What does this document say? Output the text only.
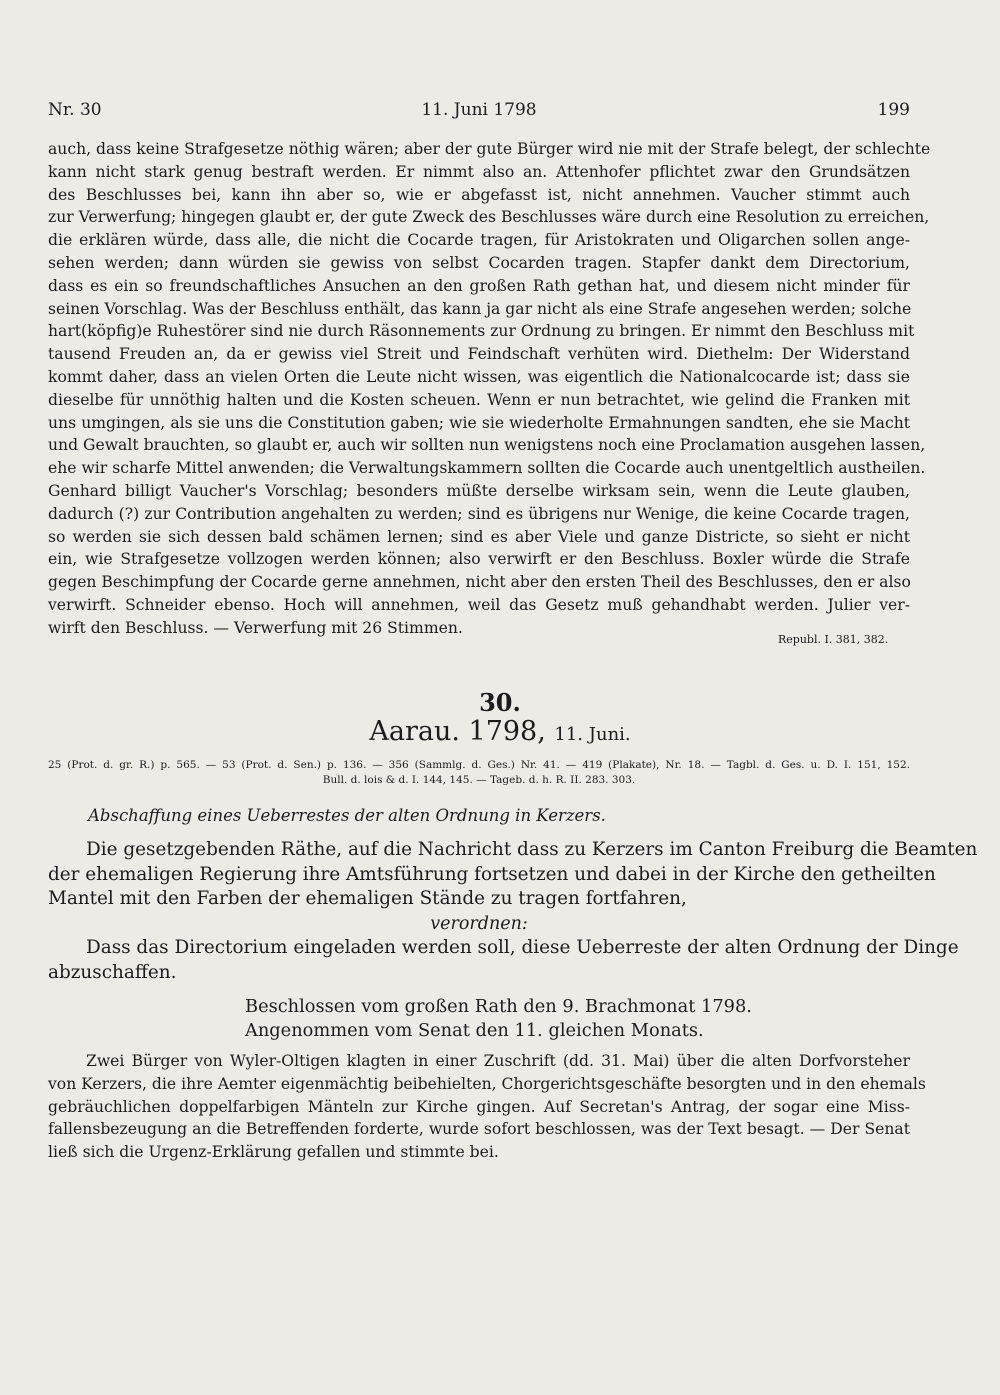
Nr. 30	11. Juni 1798	199
auch, dass keine Strafgesetze nöthig wären; aber der gute Bürger wird nie mit der Strafe belegt, der schlechte
kann nicht stark genug bestraft werden. Er nimmt also an. Attenhofer pflichtet zwar den Grundsätzen
des Beschlusses bei, kann ihn aber so, wie er abgefasst ist, nicht annehmen. Vaucher stimmt auch
zur Verwerfung; hingegen glaubt er, der gute Zweck des Beschlusses wäre durch eine Resolution zu erreichen,
die erklären würde, dass alle, die nicht die Cocarde tragen, für Aristokraten und Oligarchen sollen ange-
sehen werden; dann würden sie gewiss von selbst Cocarden tragen. Stapfer dankt dem Directorium,
dass es ein so freundschaftliches Ansuchen an den großen Rath gethan hat, und diesem nicht minder für
seinen Vorschlag. Was der Beschluss enthält, das kann ja gar nicht als eine Strafe angesehen werden; solche
hart(köpfig)e Ruhestörer sind nie durch Räsonnements zur Ordnung zu bringen. Er nimmt den Beschluss mit
tausend Freuden an, da er gewiss viel Streit und Feindschaft verhüten wird. Diethelm: Der Widerstand
kommt daher, dass an vielen Orten die Leute nicht wissen, was eigentlich die Nationalcocarde ist; dass sie
dieselbe für unnöthig halten und die Kosten scheuen. Wenn er nun betrachtet, wie gelind die Franken mit
uns umgingen, als sie uns die Constitution gaben; wie sie wiederholte Ermahnungen sandten, ehe sie Macht
und Gewalt brauchten, so glaubt er, auch wir sollten nun wenigstens noch eine Proclamation ausgehen lassen,
ehe wir scharfe Mittel anwenden; die Verwaltungskammern sollten die Cocarde auch unentgeltlich austheilen.
Genhard billigt Vaucher's Vorschlag; besonders müßte derselbe wirksam sein, wenn die Leute glauben,
dadurch (?) zur Contribution angehalten zu werden; sind es übrigens nur Wenige, die keine Cocarde tragen,
so werden sie sich dessen bald schämen lernen; sind es aber Viele und ganze Districte, so sieht er nicht
ein, wie Strafgesetze vollzogen werden können; also verwirft er den Beschluss. Boxler würde die Strafe
gegen Beschimpfung der Cocarde gerne annehmen, nicht aber den ersten Theil des Beschlusses, den er also
verwirft. Schneider ebenso. Hoch will annehmen, weil das Gesetz muß gehandhabt werden. Julier ver-
wirft den Beschluss. — Verwerfung mit 26 Stimmen.
Republ. I. 381, 382.
30.
Aarau. 1798, 11. Juni.
25 (Prot. d. gr. R.) p. 565. — 53 (Prot. d. Sen.) p. 136. — 356 (Sammlg. d. Ges.) Nr. 41. — 419 (Plakate), Nr. 18. — Tagbl. d. Ges. u. D. I. 151, 152.
Bull. d. lois & d. I. 144, 145. — Tageb. d. h. R. II. 283. 303.
Abschaffung eines Ueberrestes der alten Ordnung in Kerzers.
Die gesetzgebenden Räthe, auf die Nachricht dass zu Kerzers im Canton Freiburg die Beamten
der ehemaligen Regierung ihre Amtsführung fortsetzen und dabei in der Kirche den getheilten
Mantel mit den Farben der ehemaligen Stände zu tragen fortfahren,
verordnen:
Dass das Directorium eingeladen werden soll, diese Ueberreste der alten Ordnung der Dinge
abzuschaffen.
Beschlossen vom großen Rath den 9. Brachmonat 1798.
Angenommen vom Senat den 11. gleichen Monats.
Zwei Bürger von Wyler-Oltigen klagten in einer Zuschrift (dd. 31. Mai) über die alten Dorfvorsteher
von Kerzers, die ihre Aemter eigenmächtig beibehielten, Chorgerichtsgeschäfte besorgten und in den ehemals
gebräuchlichen doppelfarbigen Mänteln zur Kirche gingen. Auf Secretan's Antrag, der sogar eine Miss-
fallensbezeugung an die Betreffenden forderte, wurde sofort beschlossen, was der Text besagt. — Der Senat
ließ sich die Urgenz-Erklärung gefallen und stimmte bei.
